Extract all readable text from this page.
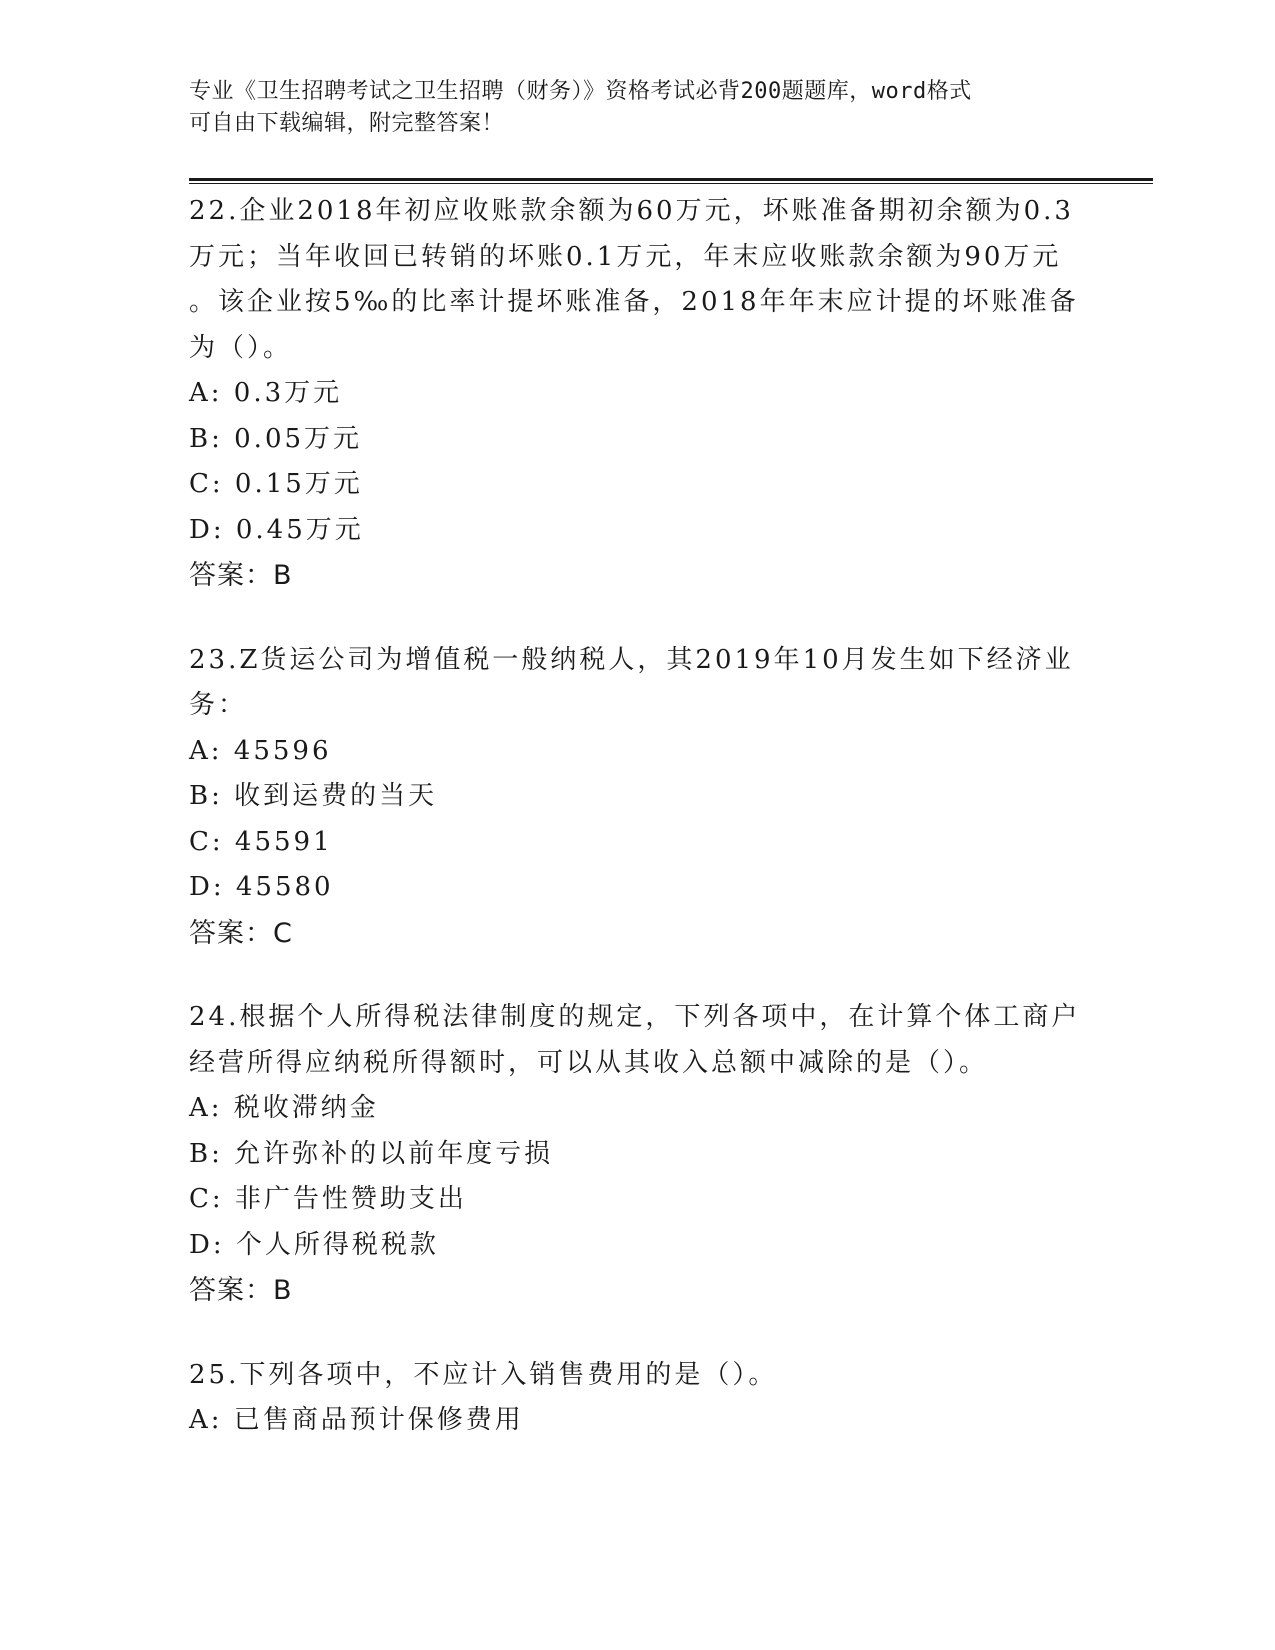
专业《卫生招聘考试之卫生招聘（财务）》资格考试必背200题题库，word格式
可自由下载编辑，附完整答案！
22.企业2018年初应收账款余额为60万元，坏账准备期初余额为0.3
万元；当年收回已转销的坏账0.1万元，年末应收账款余额为90万元
。该企业按5‰的比率计提坏账准备，2018年年末应计提的坏账准备
为（）。
A: 0.3万元
B: 0.05万元
C: 0.15万元
D: 0.45万元
答案：B
23.Z货运公司为增值税一般纳税人，其2019年10月发生如下经济业
务：
A: 45596
B: 收到运费的当天
C: 45591
D: 45580
答案：C
24.根据个人所得税法律制度的规定，下列各项中，在计算个体工商户
经营所得应纳税所得额时，可以从其收入总额中减除的是（）。
A: 税收滞纳金
B: 允许弥补的以前年度亏损
C: 非广告性赞助支出
D: 个人所得税税款
答案：B
25.下列各项中，不应计入销售费用的是（）。
A: 已售商品预计保修费用
